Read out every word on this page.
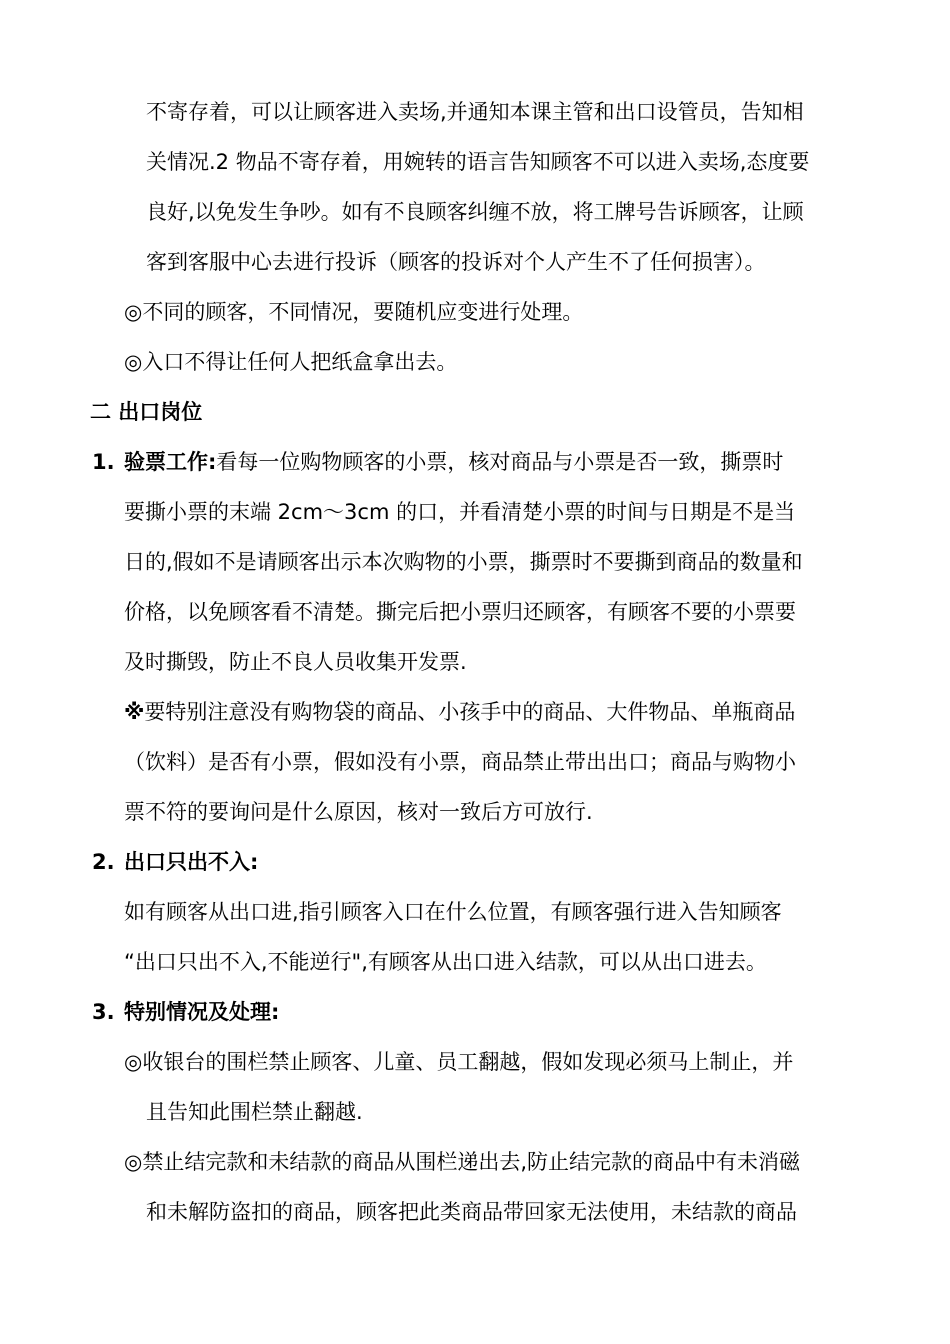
不寄存着，可以让顾客进入卖场,并通知本课主管和出口设管员，告知相
关情况.2 物品不寄存着，用婉转的语言告知顾客不可以进入卖场,态度要
良好,以免发生争吵。如有不良顾客纠缠不放，将工牌号告诉顾客，让顾
客到客服中心去进行投诉（顾客的投诉对个人产生不了任何损害）。
◎不同的顾客，不同情况，要随机应变进行处理。
◎入口不得让任何人把纸盒拿出去。
二 出口岗位
1. 验票工作:看每一位购物顾客的小票，核对商品与小票是否一致，撕票时
要撕小票的末端 2cm～3cm 的口，并看清楚小票的时间与日期是不是当
日的,假如不是请顾客出示本次购物的小票，撕票时不要撕到商品的数量和
价格，以免顾客看不清楚。撕完后把小票归还顾客，有顾客不要的小票要
及时撕毁，防止不良人员收集开发票.
※要特别注意没有购物袋的商品、小孩手中的商品、大件物品、单瓶商品
（饮料）是否有小票，假如没有小票，商品禁止带出出口；商品与购物小
票不符的要询问是什么原因，核对一致后方可放行.
2. 出口只出不入:
如有顾客从出口进,指引顾客入口在什么位置，有顾客强行进入告知顾客
“出口只出不入,不能逆行",有顾客从出口进入结款，可以从出口进去。
3. 特别情况及处理:
◎收银台的围栏禁止顾客、儿童、员工翻越，假如发现必须马上制止，并
且告知此围栏禁止翻越.
◎禁止结完款和未结款的商品从围栏递出去,防止结完款的商品中有未消磁
和未解防盗扣的商品，顾客把此类商品带回家无法使用，未结款的商品
